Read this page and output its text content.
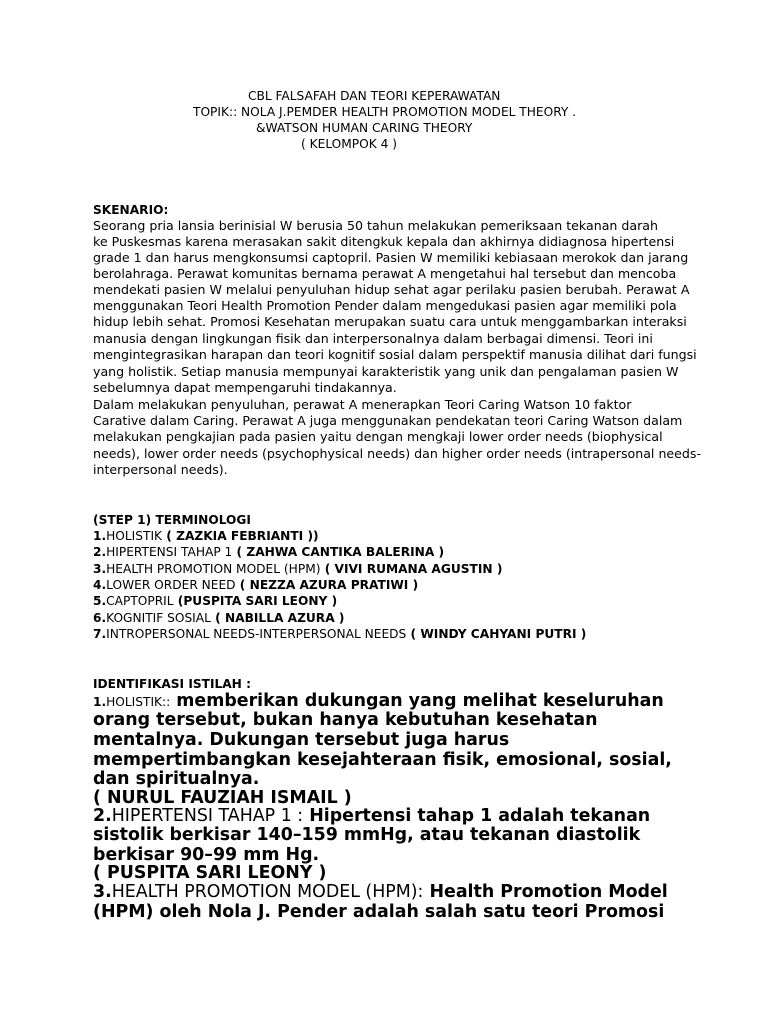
CBL FALSAFAH DAN TEORI KEPERAWATAN
TOPIK:: NOLA J.PEMDER HEALTH PROMOTION MODEL THEORY .
&WATSON HUMAN CARING THEORY
( KELOMPOK 4 )
SKENARIO:
Seorang pria lansia berinisial W berusia 50 tahun melakukan pemeriksaan tekanan darah
ke Puskesmas karena merasakan sakit ditengkuk kepala dan akhirnya didiagnosa hipertensi
grade 1 dan harus mengkonsumsi captopril. Pasien W memiliki kebiasaan merokok dan jarang
berolahraga. Perawat komunitas bernama perawat A mengetahui hal tersebut dan mencoba
mendekati pasien W melalui penyuluhan hidup sehat agar perilaku pasien berubah. Perawat A
menggunakan Teori Health Promotion Pender dalam mengedukasi pasien agar memiliki pola
hidup lebih sehat. Promosi Kesehatan merupakan suatu cara untuk menggambarkan interaksi
manusia dengan lingkungan fisik dan interpersonalnya dalam berbagai dimensi. Teori ini
mengintegrasikan harapan dan teori kognitif sosial dalam perspektif manusia dilihat dari fungsi
yang holistik. Setiap manusia mempunyai karakteristik yang unik dan pengalaman pasien W
sebelumnya dapat mempengaruhi tindakannya.
Dalam melakukan penyuluhan, perawat A menerapkan Teori Caring Watson 10 faktor
Carative dalam Caring. Perawat A juga menggunakan pendekatan teori Caring Watson dalam
melakukan pengkajian pada pasien yaitu dengan mengkaji lower order needs (biophysical
needs), lower order needs (psychophysical needs) dan higher order needs (intrapersonal needs-
interpersonal needs).
(STEP 1) TERMINOLOGI
1.HOLISTIK ( ZAZKIA FEBRIANTI ))
2.HIPERTENSI TAHAP 1 ( ZAHWA CANTIKA BALERINA )
3.HEALTH PROMOTION MODEL (HPM) ( VIVI RUMANA AGUSTIN )
4.LOWER ORDER NEED ( NEZZA AZURA PRATIWI )
5.CAPTOPRIL (PUSPITA SARI LEONY )
6.KOGNITIF SOSIAL ( NABILLA AZURA )
7.INTROPERSONAL NEEDS-INTERPERSONAL NEEDS ( WINDY CAHYANI PUTRI )
IDENTIFIKASI ISTILAH :
1.HOLISTIK:: memberikan dukungan yang melihat keseluruhan
orang tersebut, bukan hanya kebutuhan kesehatan
mentalnya. Dukungan tersebut juga harus
mempertimbangkan kesejahteraan fisik, emosional, sosial,
dan spiritualnya.
( NURUL FAUZIAH ISMAIL )
2.HIPERTENSI TAHAP 1 : Hipertensi tahap 1 adalah tekanan
sistolik berkisar 140–159 mmHg, atau tekanan diastolik
berkisar 90–99 mm Hg.
( PUSPITA SARI LEONY )
3.HEALTH PROMOTION MODEL (HPM): Health Promotion Model
(HPM) oleh Nola J. Pender adalah salah satu teori Promosi
